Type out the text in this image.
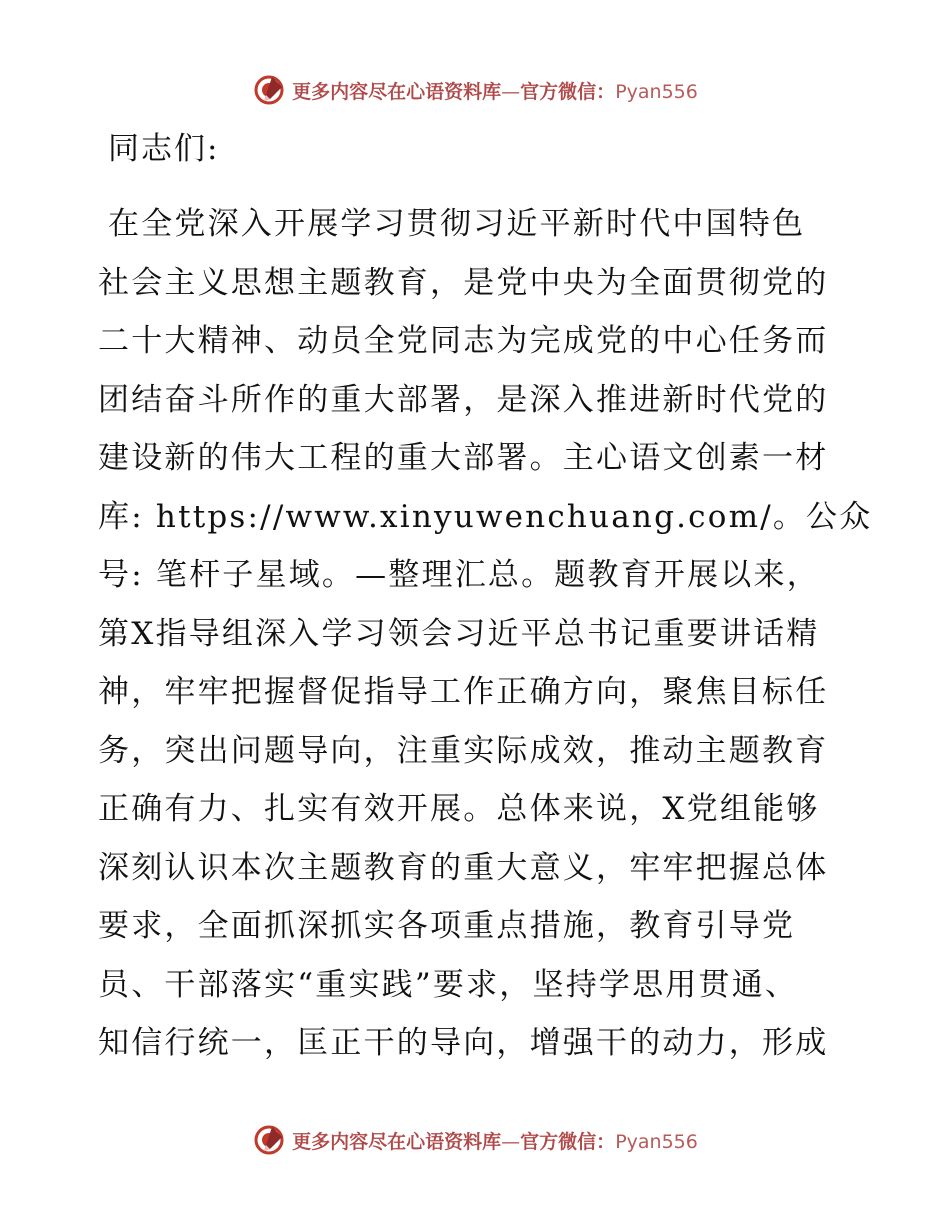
更多内容尽在心语资料库—官方微信：Pyan556
同志们:
在全党深入开展学习贯彻习近平新时代中国特色
社会主义思想主题教育，是党中央为全面贯彻党的
二十大精神、动员全党同志为完成党的中心任务而
团结奋斗所作的重大部署，是深入推进新时代党的
建设新的伟大工程的重大部署。主心语文创素一材
库: https://www.xinyuwenchuang.com/。公众
号: 笔杆子星域。—整理汇总。题教育开展以来，
第X指导组深入学习领会习近平总书记重要讲话精
神，牢牢把握督促指导工作正确方向，聚焦目标任
务，突出问题导向，注重实际成效，推动主题教育
正确有力、扎实有效开展。总体来说，X党组能够
深刻认识本次主题教育的重大意义，牢牢把握总体
要求，全面抓深抓实各项重点措施，教育引导党
员、干部落实“重实践”要求，坚持学思用贯通、
知信行统一，匡正干的导向，增强干的动力，形成
更多内容尽在心语资料库—官方微信：Pyan556
